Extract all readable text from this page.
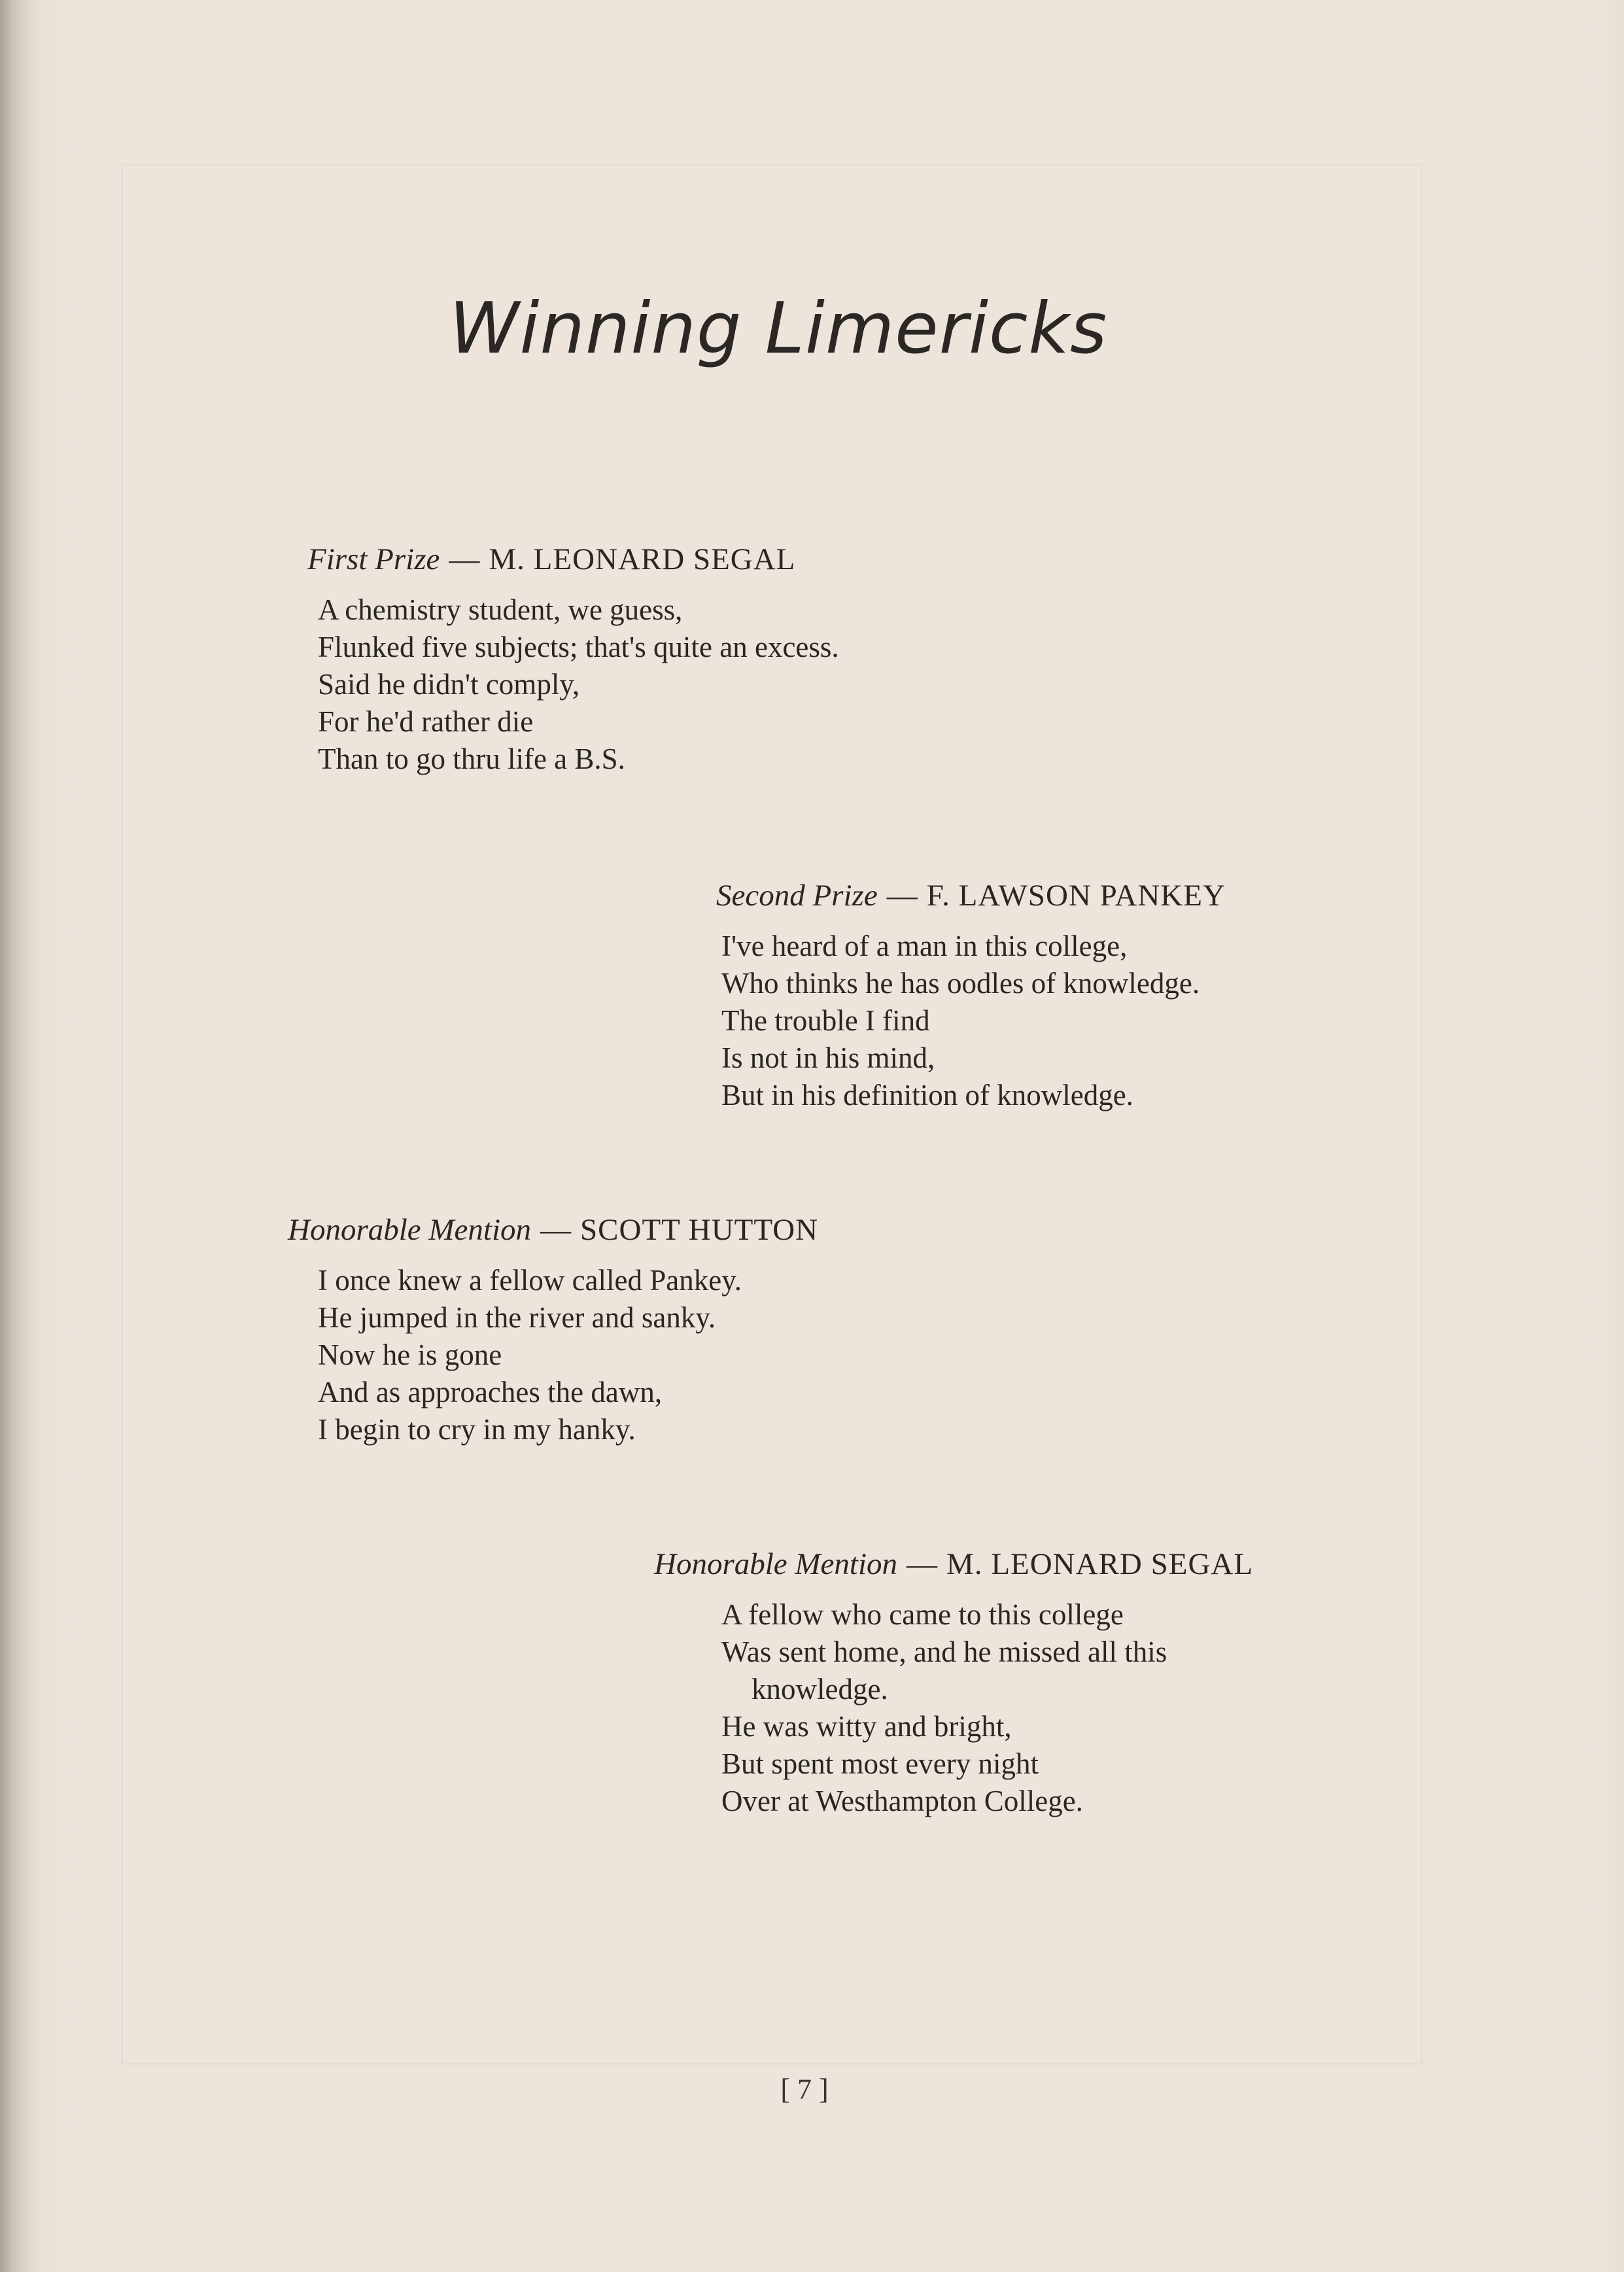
Winning Limericks
First Prize — M. LEONARD SEGAL
A chemistry student, we guess,
Flunked five subjects; that's quite an excess.
Said he didn't comply,
For he'd rather die
Than to go thru life a B.S.
Second Prize — F. LAWSON PANKEY
I've heard of a man in this college,
Who thinks he has oodles of knowledge.
The trouble I find
Is not in his mind,
But in his definition of knowledge.
Honorable Mention — SCOTT HUTTON
I once knew a fellow called Pankey.
He jumped in the river and sanky.
Now he is gone
And as approaches the dawn,
I begin to cry in my hanky.
Honorable Mention — M. LEONARD SEGAL
A fellow who came to this college
Was sent home, and he missed all this
knowledge.
He was witty and bright,
But spent most every night
Over at Westhampton College.
[ 7 ]
